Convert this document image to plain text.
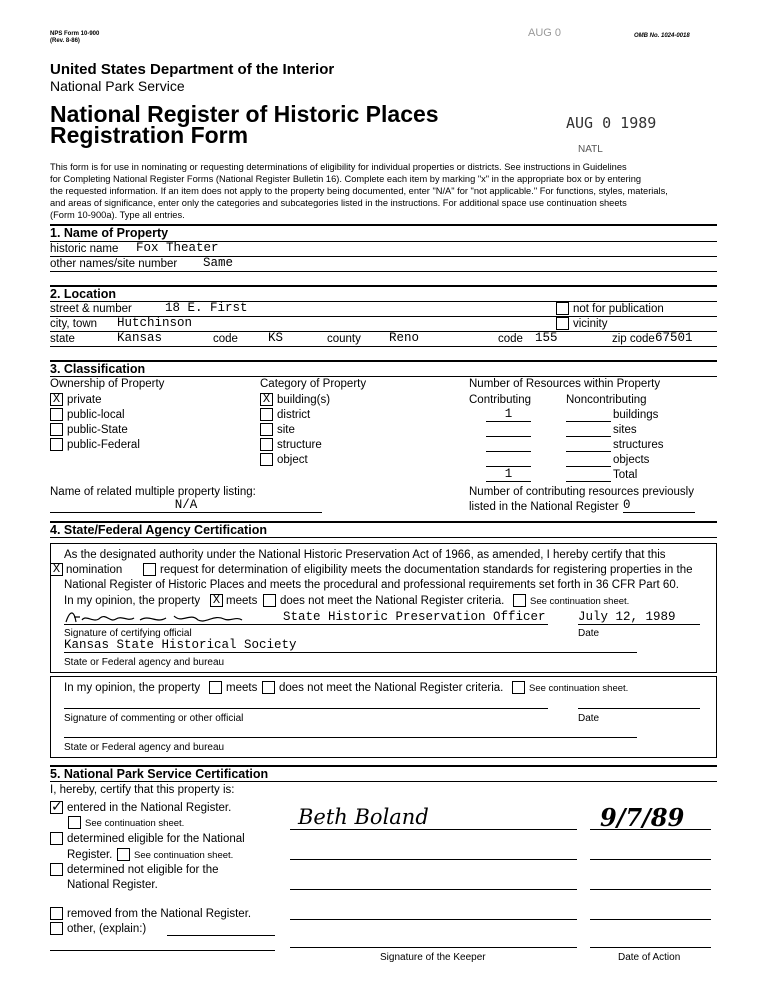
NPS Form 10-900
(Rev. 8-86)
OMB No. 1024-0018
AUG 0
United States Department of the Interior
National Park Service
National Register of Historic Places
Registration Form	AUG 0 1989
NATL
This form is for use in nominating or requesting determinations of eligibility for individual properties or districts. See instructions in Guidelines
for Completing National Register Forms (National Register Bulletin 16). Complete each item by marking "x" in the appropriate box or by entering
the requested information. If an item does not apply to the property being documented, enter "N/A" for "not applicable." For functions, styles, materials,
and areas of significance, enter only the categories and subcategories listed in the instructions. For additional space use continuation sheets
(Form 10-900a). Type all entries.
1. Name of Property
historic name Fox Theater
other names/site number Same
2. Location
street & number	18 E. First	not for publication
city, town Hutchinson	vicinity
state	Kansas	code KS	county Reno	code 155	zip code 67501
3. Classification
Ownership of Property
X private
public-local
public-State
public-Federal
Category of Property
X building(s)
district
site
structure
object
Number of Resources within Property
Contributing	Noncontributing
1	buildings
sites
structures
objects
1	Total
Name of related multiple property listing:
N/A
Number of contributing resources previously
listed in the National Register 0
4. State/Federal Agency Certification
As the designated authority under the National Historic Preservation Act of 1966, as amended, I hereby certify that this
X nomination	request for determination of eligibility meets the documentation standards for registering properties in the
National Register of Historic Places and meets the procedural and professional requirements set forth in 36 CFR Part 60.
In my opinion, the property X meets does not meet the National Register criteria.	See continuation sheet.
State Historic Preservation Officer	July 12, 1989
Signature of certifying official	Date
Kansas State Historical Society
State or Federal agency and bureau
In my opinion, the property meets does not meet the National Register criteria.	See continuation sheet.
Signature of commenting or other official	Date
State or Federal agency and bureau
5. National Park Service Certification
I, hereby, certify that this property is:
✓ entered in the National Register.
See continuation sheet.
determined eligible for the National
Register. See continuation sheet.
determined not eligible for the
National Register.
removed from the National Register.
other, (explain:)
Beth Boland	9/7/89
Signature of the Keeper	Date of Action
